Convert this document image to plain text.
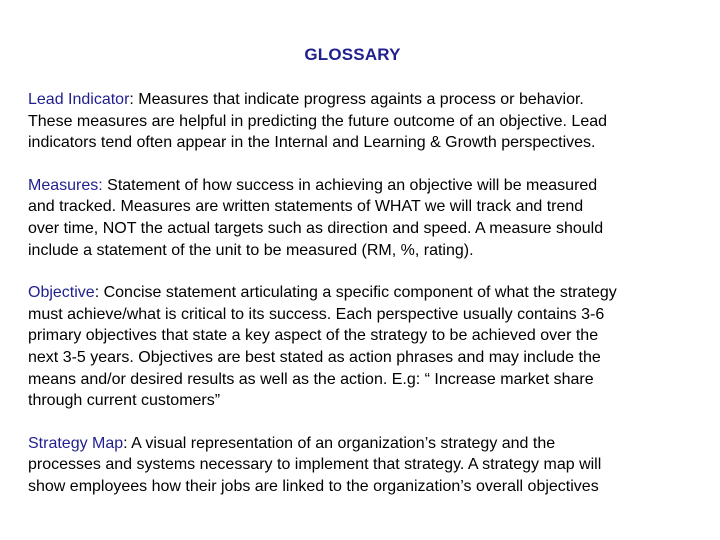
GLOSSARY
Lead Indicator: Measures that indicate progress againts a process or behavior.
These measures are helpful in predicting the future outcome of an objective. Lead
indicators tend often appear in the Internal and Learning & Growth perspectives.
Measures: Statement of how success in achieving an objective will be measured
and tracked. Measures are written statements of WHAT we will track and trend
over time, NOT the actual targets such as direction and speed. A measure should
include a statement of the unit to be measured (RM, %, rating).
Objective: Concise statement articulating a specific component of what the strategy
must achieve/what is critical to its success. Each perspective usually contains 3-6
primary objectives that state a key aspect of the strategy to be achieved over the
next 3-5 years. Objectives are best stated as action phrases and may include the
means and/or desired results as well as the action. E.g: “ Increase market share
through current customers”
Strategy Map: A visual representation of an organization’s strategy and the
processes and systems necessary to implement that strategy. A strategy map will
show employees how their jobs are linked to the organization’s overall objectives
